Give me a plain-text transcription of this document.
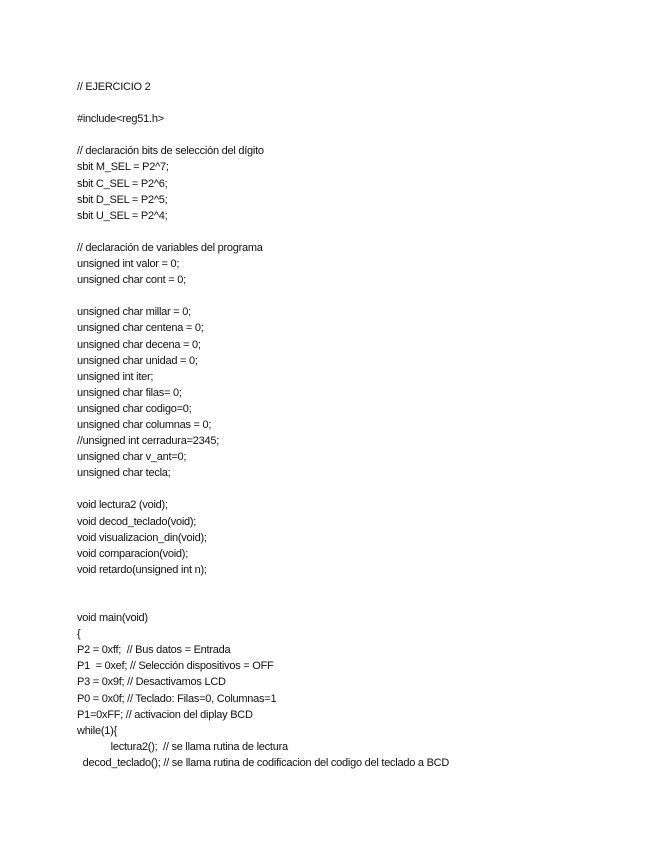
// EJERCICIO 2
#include<reg51.h>
// declaración bits de selección del dígito
sbit M_SEL = P2^7;
sbit C_SEL = P2^6;
sbit D_SEL = P2^5;
sbit U_SEL = P2^4;
// declaración de variables del programa
unsigned int valor = 0;
unsigned char cont = 0;
unsigned char millar = 0;
unsigned char centena = 0;
unsigned char decena = 0;
unsigned char unidad = 0;
unsigned int iter;
unsigned char filas= 0;
unsigned char codigo=0;
unsigned char columnas = 0;
//unsigned int cerradura=2345;
unsigned char v_ant=0;
unsigned char tecla;
void lectura2 (void);
void decod_teclado(void);
void visualizacion_din(void);
void comparacion(void);
void retardo(unsigned int n);
void main(void)
{
P2 = 0xff;  // Bus datos = Entrada
P1  = 0xef; // Selección dispositivos = OFF
P3 = 0x9f; // Desactivamos LCD
P0 = 0x0f; // Teclado: Filas=0, Columnas=1
P1=0xFF; // activacion del diplay BCD
while(1){
lectura2();  // se llama rutina de lectura
decod_teclado(); // se llama rutina de codificacion del codigo del teclado a BCD
